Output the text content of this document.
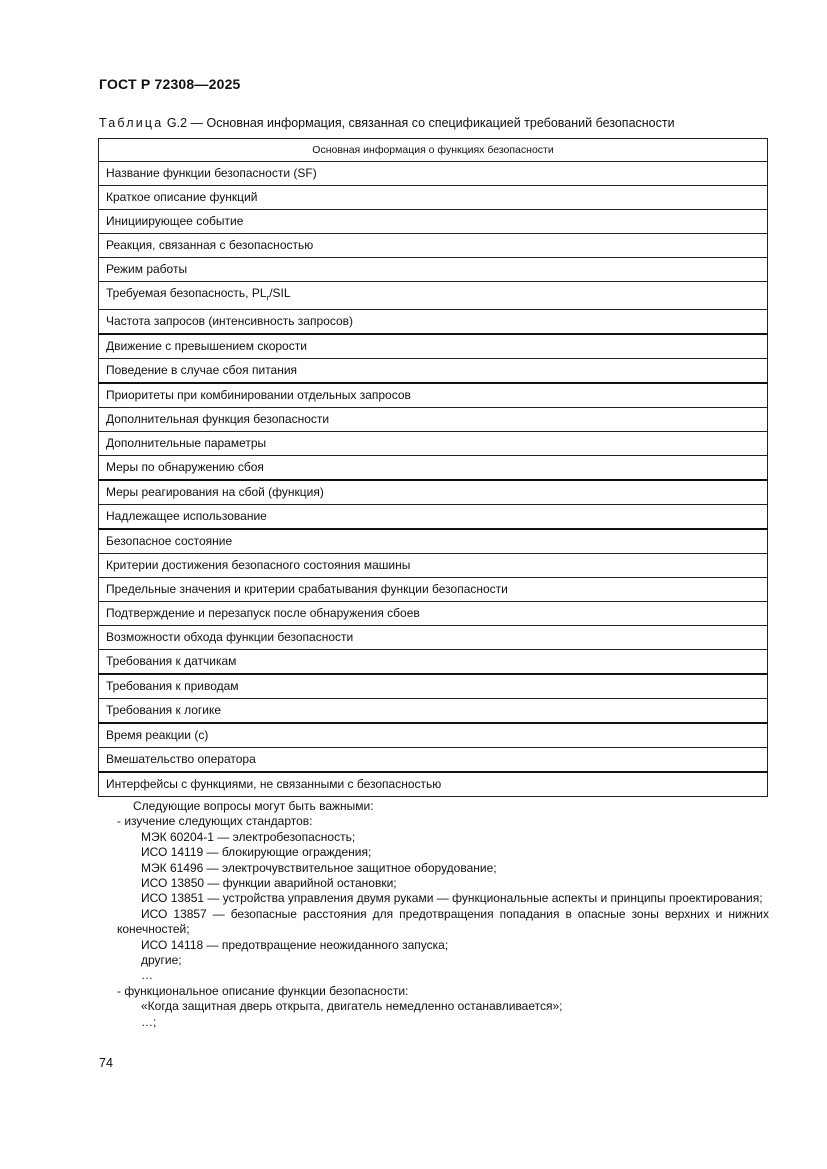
ГОСТ Р 72308—2025
Таблица G.2 — Основная информация, связанная со спецификацией требований безопасности
Основная информация о функциях безопасности
Название функции безопасности (SF)
Краткое описание функций
Инициирующее событие
Реакция, связанная с безопасностью
Режим работы
Требуемая безопасность, $PL_r$/SIL
Частота запросов (интенсивность запросов)
Движение с превышением скорости
Поведение в случае сбоя питания
Приоритеты при комбинировании отдельных запросов
Дополнительная функция безопасности
Дополнительные параметры
Меры по обнаружению сбоя
Меры реагирования на сбой (функция)
Надлежащее использование
Безопасное состояние
Критерии достижения безопасного состояния машины
Предельные значения и критерии срабатывания функции безопасности
Подтверждение и перезапуск после обнаружения сбоев
Возможности обхода функции безопасности
Требования к датчикам
Требования к приводам
Требования к логике
Время реакции (с)
Вмешательство оператора
Интерфейсы с функциями, не связанными с безопасностью

Следующие вопросы могут быть важными:

- изучение следующих стандартов:

МЭК 60204-1 — электробезопасность;

ИСО 14119 — блокирующие ограждения;

МЭК 61496 — электрочувствительное защитное оборудование;

ИСО 13850 — функции аварийной остановки;

ИСО 13851 — устройства управления двумя руками — функциональные аспекты и принципы проектирования;

ИСО 13857 — безопасные расстояния для предотвращения попадания в опасные зоны верхних и нижних конечностей;

ИСО 14118 — предотвращение неожиданного запуска;

другие;

…

- функциональное описание функции безопасности:

«Когда защитная дверь открыта, двигатель немедленно останавливается»;

…;

74
